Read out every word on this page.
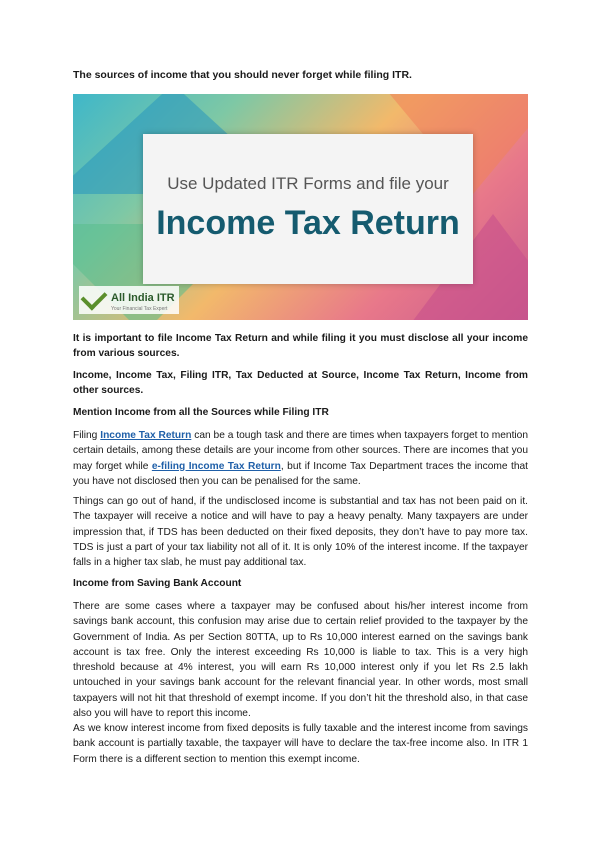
The sources of income that you should never forget while filing ITR.
Use Updated ITR Forms and file your
Income Tax Return
All India ITR
Your Financial Tax Expert
It is important to file Income Tax Return and while filing it you must disclose all your income from various sources.
Income, Income Tax, Filing ITR, Tax Deducted at Source, Income Tax Return, Income from other sources.
Mention Income from all the Sources while Filing ITR
Filing Income Tax Return can be a tough task and there are times when taxpayers forget to mention certain details, among these details are your income from other sources. There are incomes that you may forget while e-filing Income Tax Return, but if Income Tax Department traces the income that you have not disclosed then you can be penalised for the same.
Things can go out of hand, if the undisclosed income is substantial and tax has not been paid on it. The taxpayer will receive a notice and will have to pay a heavy penalty. Many taxpayers are under impression that, if TDS has been deducted on their fixed deposits, they don’t have to pay more tax. TDS is just a part of your tax liability not all of it. It is only 10% of the interest income. If the taxpayer falls in a higher tax slab, he must pay additional tax.
Income from Saving Bank Account
There are some cases where a taxpayer may be confused about his/her interest income from savings bank account, this confusion may arise due to certain relief provided to the taxpayer by the Government of India. As per Section 80TTA, up to Rs 10,000 interest earned on the savings bank account is tax free. Only the interest exceeding Rs 10,000 is liable to tax. This is a very high threshold because at 4% interest, you will earn Rs 10,000 interest only if you let Rs 2.5 lakh untouched in your savings bank account for the relevant financial year. In other words, most small taxpayers will not hit that threshold of exempt income. If you don’t hit the threshold also, in that case also you will have to report this income.
As we know interest income from fixed deposits is fully taxable and the interest income from savings bank account is partially taxable, the taxpayer will have to declare the tax-free income also. In ITR 1 Form there is a different section to mention this exempt income.
